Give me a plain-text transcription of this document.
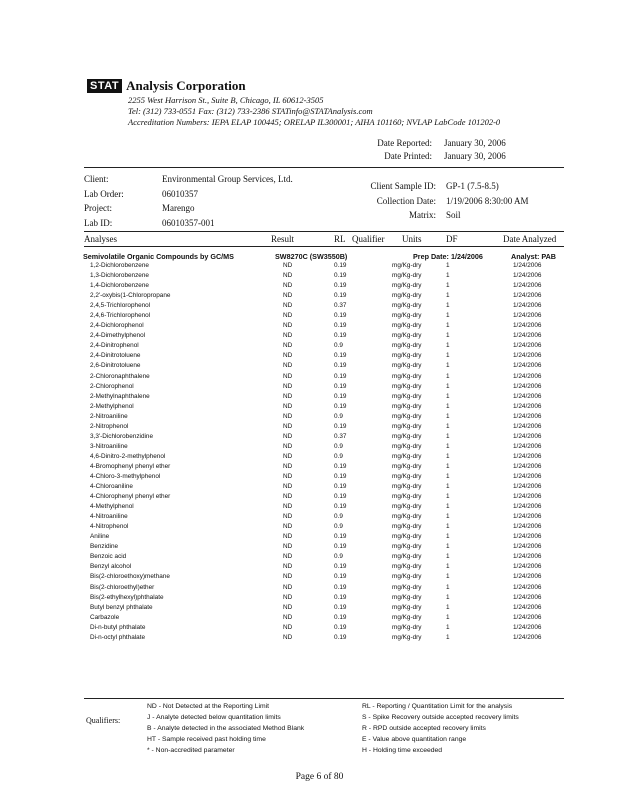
STAT Analysis Corporation
2255 West Harrison St., Suite B, Chicago, IL 60612-3505
Tel: (312) 733-0551 Fax: (312) 733-2386 STATinfo@STATAnalysis.com
Accreditation Numbers: IEPA ELAP 100445; ORELAP IL300001; AIHA 101160; NVLAP LabCode 101202-0
Date Reported: January 30, 2006
Date Printed: January 30, 2006
Client:	Environmental Group Services, Ltd.
Lab Order:	06010357
Project:	Marengo
Lab ID:	06010357-001
Client Sample ID: GP-1 (7.5-8.5)
Collection Date: 1/19/2006 8:30:00 AM
Matrix: Soil
Analyses	Result	RL Qualifier Units	DF	Date Analyzed
Semivolatile Organic Compounds by GC/MS	SW8270C (SW3550B)	Prep Date: 1/24/2006	Analyst: PAB
1,2-Dichlorobenzene	ND	0.19	mg/Kg-dry	1	1/24/2006
1,3-Dichlorobenzene	ND	0.19	mg/Kg-dry	1	1/24/2006
1,4-Dichlorobenzene	ND	0.19	mg/Kg-dry	1	1/24/2006
2,2'-oxybis(1-Chloropropane	ND	0.19	mg/Kg-dry	1	1/24/2006
2,4,5-Trichlorophenol	ND	0.37	mg/Kg-dry	1	1/24/2006
2,4,6-Trichlorophenol	ND	0.19	mg/Kg-dry	1	1/24/2006
2,4-Dichlorophenol	ND	0.19	mg/Kg-dry	1	1/24/2006
2,4-Dimethylphenol	ND	0.19	mg/Kg-dry	1	1/24/2006
2,4-Dinitrophenol	ND	0.9	mg/Kg-dry	1	1/24/2006
2,4-Dinitrotoluene	ND	0.19	mg/Kg-dry	1	1/24/2006
2,6-Dinitrotoluene	ND	0.19	mg/Kg-dry	1	1/24/2006
2-Chloronaphthalene	ND	0.19	mg/Kg-dry	1	1/24/2006
2-Chlorophenol	ND	0.19	mg/Kg-dry	1	1/24/2006
2-Methylnaphthalene	ND	0.19	mg/Kg-dry	1	1/24/2006
2-Methylphenol	ND	0.19	mg/Kg-dry	1	1/24/2006
2-Nitroaniline	ND	0.9	mg/Kg-dry	1	1/24/2006
2-Nitrophenol	ND	0.19	mg/Kg-dry	1	1/24/2006
3,3'-Dichlorobenzidine	ND	0.37	mg/Kg-dry	1	1/24/2006
3-Nitroaniline	ND	0.9	mg/Kg-dry	1	1/24/2006
4,6-Dinitro-2-methylphenol	ND	0.9	mg/Kg-dry	1	1/24/2006
4-Bromophenyl phenyl ether	ND	0.19	mg/Kg-dry	1	1/24/2006
4-Chloro-3-methylphenol	ND	0.19	mg/Kg-dry	1	1/24/2006
4-Chloroaniline	ND	0.19	mg/Kg-dry	1	1/24/2006
4-Chlorophenyl phenyl ether	ND	0.19	mg/Kg-dry	1	1/24/2006
4-Methylphenol	ND	0.19	mg/Kg-dry	1	1/24/2006
4-Nitroaniline	ND	0.9	mg/Kg-dry	1	1/24/2006
4-Nitrophenol	ND	0.9	mg/Kg-dry	1	1/24/2006
Aniline	ND	0.19	mg/Kg-dry	1	1/24/2006
Benzidine	ND	0.19	mg/Kg-dry	1	1/24/2006
Benzoic acid	ND	0.9	mg/Kg-dry	1	1/24/2006
Benzyl alcohol	ND	0.19	mg/Kg-dry	1	1/24/2006
Bis(2-chloroethoxy)methane	ND	0.19	mg/Kg-dry	1	1/24/2006
Bis(2-chloroethyl)ether	ND	0.19	mg/Kg-dry	1	1/24/2006
Bis(2-ethylhexyl)phthalate	ND	0.19	mg/Kg-dry	1	1/24/2006
Butyl benzyl phthalate	ND	0.19	mg/Kg-dry	1	1/24/2006
Carbazole	ND	0.19	mg/Kg-dry	1	1/24/2006
Di-n-butyl phthalate	ND	0.19	mg/Kg-dry	1	1/24/2006
Di-n-octyl phthalate	ND	0.19	mg/Kg-dry	1	1/24/2006
Qualifiers:
ND - Not Detected at the Reporting Limit
J - Analyte detected below quantitation limits
B - Analyte detected in the associated Method Blank
HT - Sample received past holding time
* - Non-accredited parameter
RL - Reporting / Quantitation Limit for the analysis
S - Spike Recovery outside accepted recovery limits
R - RPD outside accepted recovery limits
E - Value above quantitation range
H - Holding time exceeded
Page 6 of 80
